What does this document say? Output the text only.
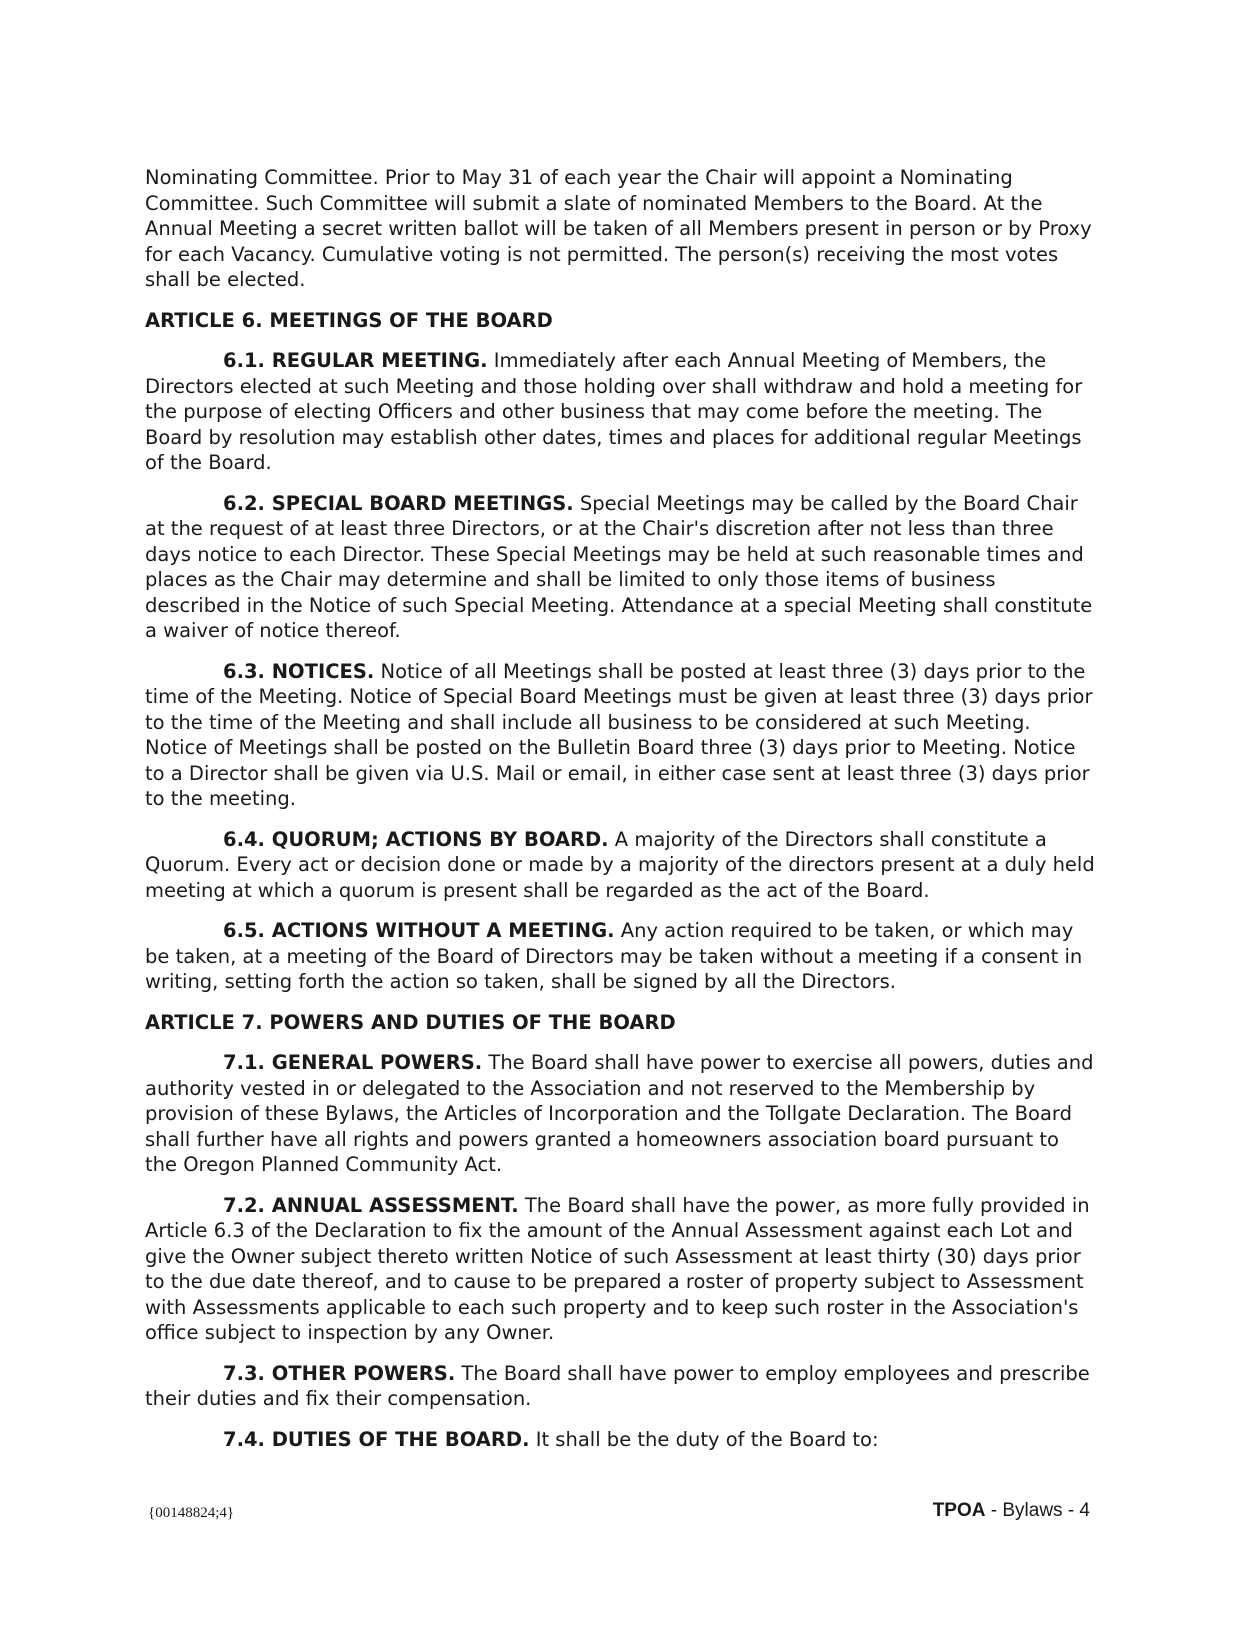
Nominating Committee. Prior to May 31 of each year the Chair will appoint a Nominating Committee. Such Committee will submit a slate of nominated Members to the Board. At the Annual Meeting a secret written ballot will be taken of all Members present in person or by Proxy for each Vacancy. Cumulative voting is not permitted. The person(s) receiving the most votes shall be elected.

ARTICLE 6. MEETINGS OF THE BOARD

6.1. REGULAR MEETING. Immediately after each Annual Meeting of Members, the Directors elected at such Meeting and those holding over shall withdraw and hold a meeting for the purpose of electing Officers and other business that may come before the meeting. The Board by resolution may establish other dates, times and places for additional regular Meetings of the Board.

6.2. SPECIAL BOARD MEETINGS. Special Meetings may be called by the Board Chair at the request of at least three Directors, or at the Chair's discretion after not less than three days notice to each Director. These Special Meetings may be held at such reasonable times and places as the Chair may determine and shall be limited to only those items of business described in the Notice of such Special Meeting. Attendance at a special Meeting shall constitute a waiver of notice thereof.

6.3. NOTICES. Notice of all Meetings shall be posted at least three (3) days prior to the time of the Meeting. Notice of Special Board Meetings must be given at least three (3) days prior to the time of the Meeting and shall include all business to be considered at such Meeting. Notice of Meetings shall be posted on the Bulletin Board three (3) days prior to Meeting. Notice to a Director shall be given via U.S. Mail or email, in either case sent at least three (3) days prior to the meeting.

6.4. QUORUM; ACTIONS BY BOARD. A majority of the Directors shall constitute a Quorum. Every act or decision done or made by a majority of the directors present at a duly held meeting at which a quorum is present shall be regarded as the act of the Board.

6.5. ACTIONS WITHOUT A MEETING. Any action required to be taken, or which may be taken, at a meeting of the Board of Directors may be taken without a meeting if a consent in writing, setting forth the action so taken, shall be signed by all the Directors.

ARTICLE 7. POWERS AND DUTIES OF THE BOARD

7.1. GENERAL POWERS. The Board shall have power to exercise all powers, duties and authority vested in or delegated to the Association and not reserved to the Membership by provision of these Bylaws, the Articles of Incorporation and the Tollgate Declaration. The Board shall further have all rights and powers granted a homeowners association board pursuant to the Oregon Planned Community Act.

7.2. ANNUAL ASSESSMENT. The Board shall have the power, as more fully provided in Article 6.3 of the Declaration to fix the amount of the Annual Assessment against each Lot and give the Owner subject thereto written Notice of such Assessment at least thirty (30) days prior to the due date thereof, and to cause to be prepared a roster of property subject to Assessment with Assessments applicable to each such property and to keep such roster in the Association's office subject to inspection by any Owner.

7.3. OTHER POWERS. The Board shall have power to employ employees and prescribe their duties and fix their compensation.

7.4. DUTIES OF THE BOARD. It shall be the duty of the Board to:

{00148824;4}	TPOA - Bylaws - 4
